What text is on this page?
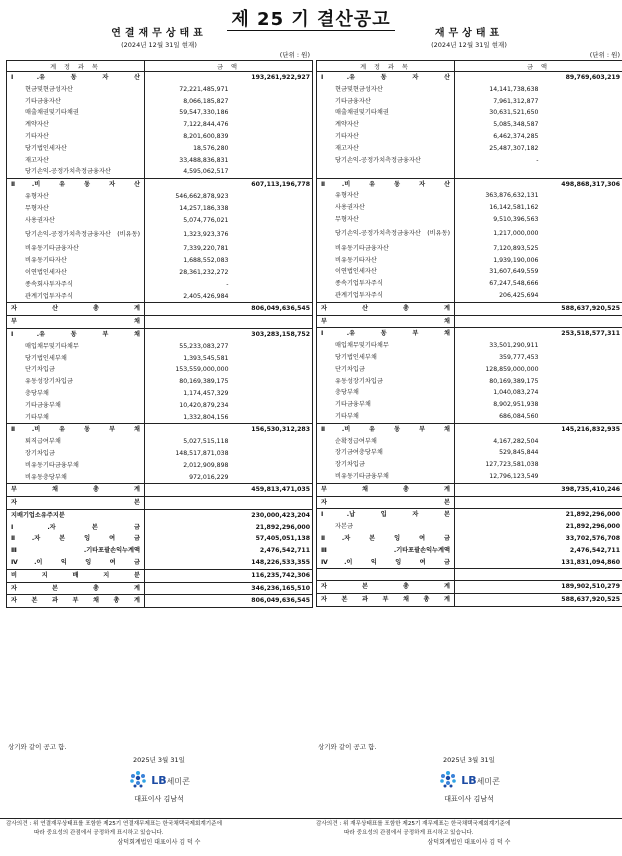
제 25 기 결산공고
연결재무상태표
(2024년 12월 31일 현재)
(단위 : 원)
계 정 과 목	금 액	
Ⅰ.유 동 자 산		193,261,922,927
현금및현금성자산	72,221,485,971	
기타금융자산	8,066,185,827	
매출채권및기타채권	59,547,330,186	
계약자산	7,122,844,476	
기타자산	8,201,600,839	
당기법인세자산	18,576,280	
재고자산	33,488,836,831	
당기손익-공정가치측정금융자산	4,595,062,517	
Ⅱ.비 유 동 자 산		607,113,196,778
유형자산	546,662,878,923	
무형자산	14,257,186,338	
사용권자산	5,074,776,021	
당기손익-공정가치측정금융자산 (비유동)	1,323,923,376	
비유동기타금융자산	7,339,220,781	
비유동기타자산	1,688,552,083	
이연법인세자산	28,361,232,272	
종속회사투자주식	-	
관계기업투자주식	2,405,426,984	
자 산 총 계		806,049,636,545
부 채		
Ⅰ.유 동 부 채		303,283,158,752
매입채무및기타채무	55,233,083,277	
당기법인세부채	1,393,545,581	
단기차입금	153,559,000,000	
유동성장기차입금	80,169,389,175	
충당부채	1,174,457,329	
기타금융부채	10,420,879,234	
기타부채	1,332,804,156	
Ⅱ.비 유 동 부 채		156,530,312,283
퇴직급여부채	5,027,515,118	
장기차입금	148,517,871,038	
비유동기타금융부채	2,012,909,898	
비유동충당부채	972,016,229	
부 채 총 계		459,813,471,035
자 본		
지배기업소유주지분		230,000,423,204
Ⅰ.자 본 금		21,892,296,000
Ⅱ.자 본 잉 여 금		57,405,051,138
Ⅲ.기타포괄손익누계액		2,476,542,711
Ⅳ.이 익 잉 여 금		148,226,533,355
비 지 배 지 분		116,235,742,306
자 본 총 계		346,236,165,510
자 본 과 부 채 총 계		806,049,636,545
재무상태표
(2024년 12월 31일 현재)
(단위 : 원)
계 정 과 목	금 액	
Ⅰ.유 동 자 산		89,769,603,219
현금및현금성자산	14,141,738,638	
기타금융자산	7,961,312,877	
매출채권및기타채권	30,631,521,650	
계약자산	5,085,348,587	
기타자산	6,462,374,285	
재고자산	25,487,307,182	
당기손익-공정가치측정금융자산	-	

Ⅱ.비 유 동 자 산		498,868,317,306
유형자산	363,876,632,131	
사용권자산	16,142,581,162	
무형자산	9,510,396,563	
당기손익-공정가치측정금융자산 (비유동)	1,217,000,000	
비유동기타금융자산	7,120,893,525	
비유동기타자산	1,939,190,006	
이연법인세자산	31,607,649,559	
종속기업투자주식	67,247,548,666	
관계기업투자주식	206,425,694	
자 산 총 계		588,637,920,525
부 채		
Ⅰ.유 동 부 채		253,518,577,311
매입채무및기타채무	33,501,290,911	
당기법인세부채	359,777,453	
단기차입금	128,859,000,000	
유동성장기차입금	80,169,389,175	
충당부채	1,040,083,274	
기타금융부채	8,902,951,938	
기타부채	686,084,560	
Ⅱ.비 유 동 부 채		145,216,832,935
순확정급여부채	4,167,282,504	
장기금여충당부채	529,845,844	
장기차입금	127,723,581,038	
비유동기타금융부채	12,796,123,549	
부 채 총 계		398,735,410,246
자 본		
Ⅰ.납 입 자 본		21,892,296,000
자본금		21,892,296,000
Ⅱ.자 본 잉 여 금		33,702,576,708
Ⅲ.기타포괄손익누계액		2,476,542,711
Ⅳ.이 익 잉 여 금		131,831,094,860

자 본 총 계		189,902,510,279
자 본 과 부 채 총 계		588,637,920,525
상기와 같이 공고 함.
2025년 3월 31일
LB세미콘
대표이사 김남석
상기와 같이 공고 함.
2025년 3월 31일
LB세미콘
대표이사 김남석
감사의견 : 위 연결재무상태표를 포함한 제25기 연결재무제표는 한국채택국제회계기준에
따라 중요성의 관점에서 공정하게 표시하고 있습니다.
삼덕회계법인 대표이사 김 덕 수
감사의견 : 위 재무상태표를 포함한 제25기 재무제표는 한국채택국제회계기준에
따라 중요성의 관점에서 공정하게 표시하고 있습니다.
삼덕회계법인 대표이사 김 덕 수
